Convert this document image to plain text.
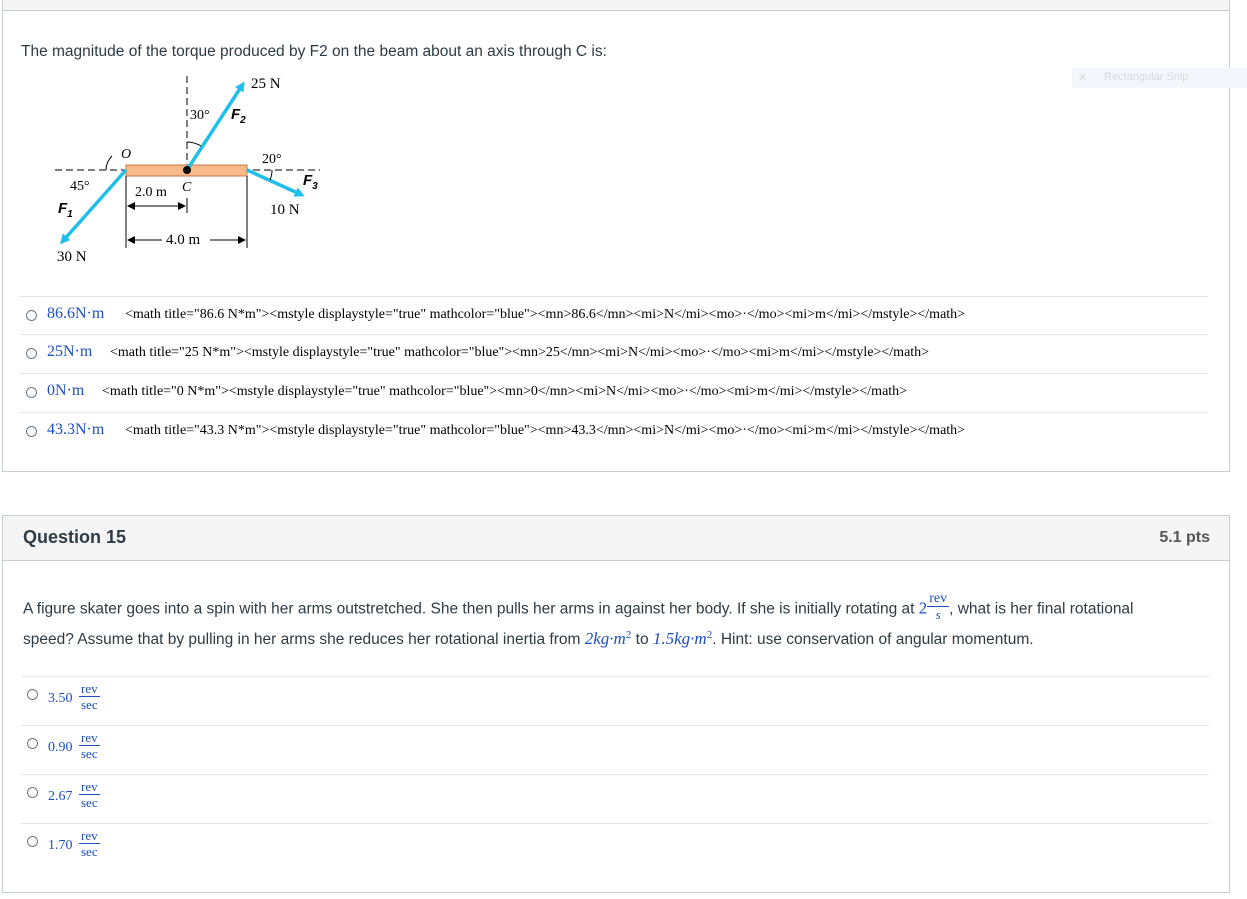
The magnitude of the torque produced by F2 on the beam about an axis through C is:
25 N
30° $F_2$
O	20°
45°	2.0 m C	$F_3$
$F_1$	10 N
4.0 m
30 N
86.6N·m <math title="86.6 N*m"><mstyle displaystyle="true" mathcolor="blue"><mn>86.6</mn><mi>N</mi><mo>·</mo><mi>m</mi></mstyle></math>
25N·m <math title="25 N*m"><mstyle displaystyle="true" mathcolor="blue"><mn>25</mn><mi>N</mi><mo>·</mo><mi>m</mi></mstyle></math>
0N·m <math title="0 N*m"><mstyle displaystyle="true" mathcolor="blue"><mn>0</mn><mi>N</mi><mo>·</mo><mi>m</mi></mstyle></math>
43.3N·m <math title="43.3 N*m"><mstyle displaystyle="true" mathcolor="blue"><mn>43.3</mn><mi>N</mi><mo>·</mo><mi>m</mi></mstyle></math>
✕ Rectangular Snip
Question 15	5.1 pts
A figure skater goes into a spin with her arms outstretched. She then pulls her arms in against her body. If she is initially rotating at $2 \frac{\text{rev}}{s}$ , what is her final rotational
speed? Assume that by pulling in her arms she reduces her rotational inertia from $2kg\cdot m^2$ to $1.5kg\cdot m^2$. Hint: use conservation of angular momentum.
3.50
rev
sec
0.90
rev
sec
2.67
rev
sec
1.70
rev
sec
